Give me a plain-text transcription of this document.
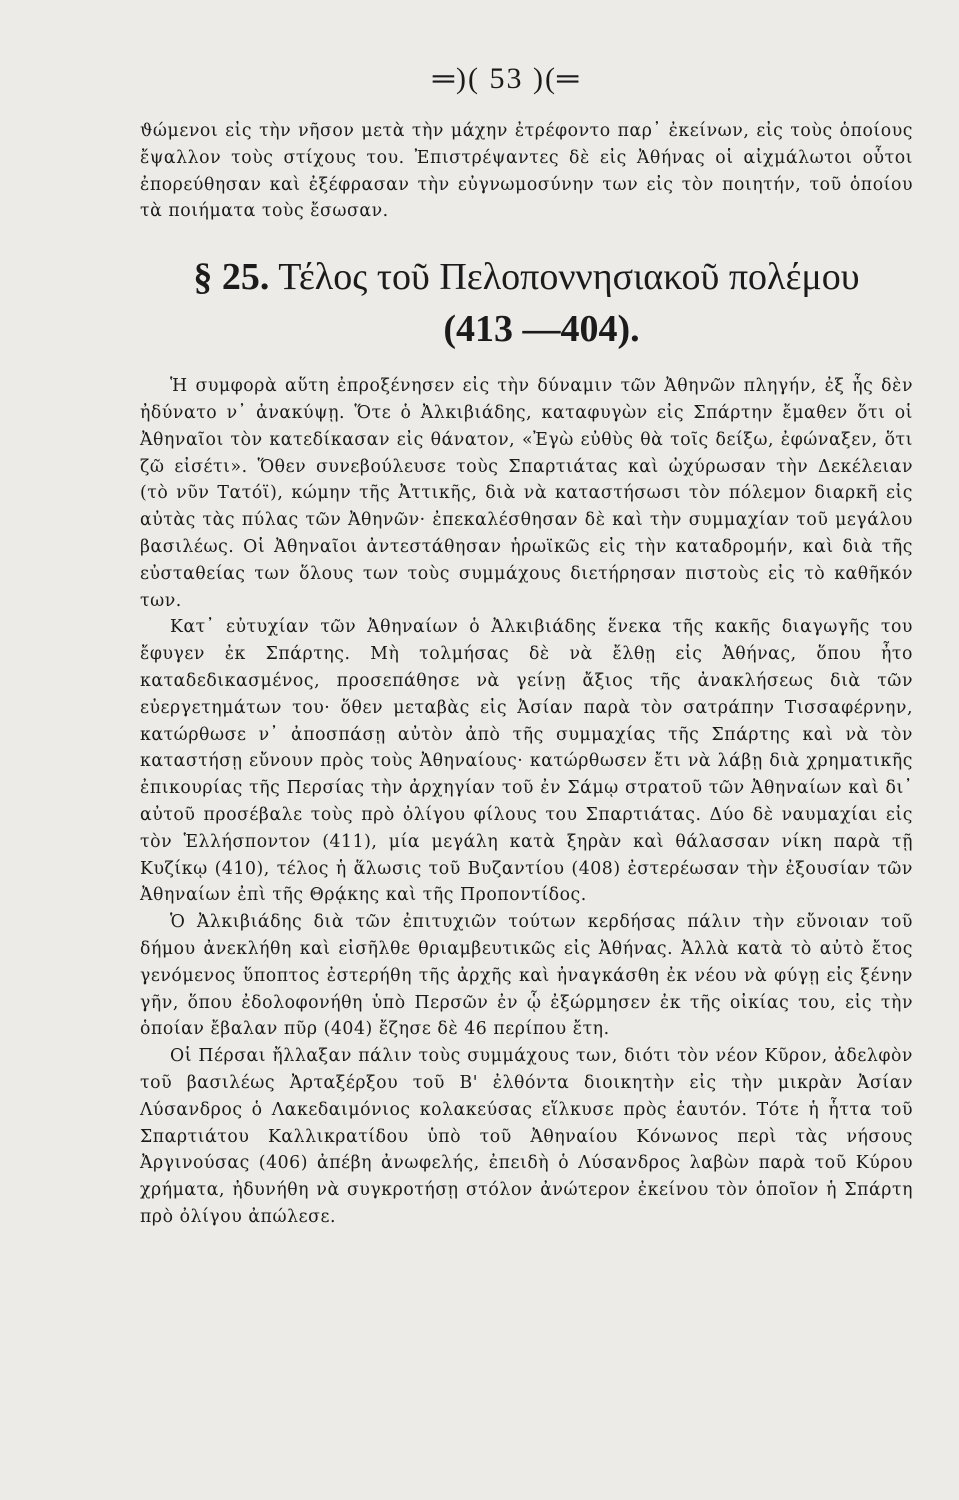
═)( 53 )(═

ϑώμενοι εἰς τὴν νῆσον μετὰ τὴν μάχην ἐτρέφοντο παρ᾽ ἐκείνων, εἰς τοὺς ὁποίους ἔψαλλον τοὺς στίχους του. Ἐπιστρέψαντες δὲ εἰς Ἀθήνας οἱ αἰχμάλωτοι οὗτοι ἐπορεύθησαν καὶ ἐξέφρασαν τὴν εὐγνωμοσύνην των εἰς τὸν ποιητήν, τοῦ ὁποίου τὰ ποιήματα τοὺς ἔσωσαν.

§ 25. Τέλος τοῦ Πελοποννησιακοῦ πολέμου
(413 —404).

Ἡ συμφορὰ αὕτη ἐπροξένησεν εἰς τὴν δύναμιν τῶν Ἀθηνῶν πληγήν, ἐξ ἧς δὲν ἠδύνατο ν᾽ ἀνακύψῃ. Ὅτε ὁ Ἀλκιβιάδης, καταφυγὼν εἰς Σπάρτην ἔμαθεν ὅτι οἱ Ἀθηναῖοι τὸν κατεδίκασαν εἰς θάνατον, «Ἐγὼ εὐθὺς θὰ τοῖς δείξω, ἐφώναξεν, ὅτι ζῶ εἰσέτι». Ὅθεν συνεβούλευσε τοὺς Σπαρτιάτας καὶ ὠχύρωσαν τὴν Δεκέλειαν (τὸ νῦν Τατόϊ), κώμην τῆς Ἀττικῆς, διὰ νὰ καταστήσωσι τὸν πόλεμον διαρκῆ εἰς αὐτὰς τὰς πύλας τῶν Ἀθηνῶν· ἐπεκαλέσθησαν δὲ καὶ τὴν συμμαχίαν τοῦ μεγάλου βασιλέως. Οἱ Ἀθηναῖοι ἀντεστάθησαν ἡρωϊκῶς εἰς τὴν καταδρομήν, καὶ διὰ τῆς εὐσταθείας των ὅλους των τοὺς συμμάχους διετήρησαν πιστοὺς εἰς τὸ καθῆκόν των.

Κατ᾽ εὐτυχίαν τῶν Ἀθηναίων ὁ Ἀλκιβιάδης ἕνεκα τῆς κακῆς διαγωγῆς του ἔφυγεν ἐκ Σπάρτης. Μὴ τολμήσας δὲ νὰ ἔλθῃ εἰς Ἀθήνας, ὅπου ἦτο καταδεδικασμένος, προσεπάθησε νὰ γείνῃ ἄξιος τῆς ἀνακλήσεως διὰ τῶν εὐεργετημάτων του· ὅθεν μεταβὰς εἰς Ἀσίαν παρὰ τὸν σατράπην Τισσαφέρνην, κατώρθωσε ν᾽ ἀποσπάσῃ αὐτὸν ἀπὸ τῆς συμμαχίας τῆς Σπάρτης καὶ νὰ τὸν καταστήσῃ εὔνουν πρὸς τοὺς Ἀθηναίους· κατώρθωσεν ἔτι νὰ λάβῃ διὰ χρηματικῆς ἐπικουρίας τῆς Περσίας τὴν ἀρχηγίαν τοῦ ἐν Σάμῳ στρατοῦ τῶν Ἀθηναίων καὶ δι᾽ αὐτοῦ προσέβαλε τοὺς πρὸ ὀλίγου φίλους του Σπαρτιάτας. Δύο δὲ ναυμαχίαι εἰς τὸν Ἑλλήσποντον (411), μία μεγάλη κατὰ ξηρὰν καὶ θάλασσαν νίκη παρὰ τῇ Κυζίκῳ (410), τέλος ἡ ἅλωσις τοῦ Βυζαντίου (408) ἐστερέωσαν τὴν ἐξουσίαν τῶν Ἀθηναίων ἐπὶ τῆς Θρᾴκης καὶ τῆς Προποντίδος.

Ὁ Ἀλκιβιάδης διὰ τῶν ἐπιτυχιῶν τούτων κερδήσας πάλιν τὴν εὔνοιαν τοῦ δήμου ἀνεκλήθη καὶ εἰσῆλθε θριαμβευτικῶς εἰς Ἀθήνας. Ἀλλὰ κατὰ τὸ αὐτὸ ἔτος γενόμενος ὕποπτος ἐστερήθη τῆς ἀρχῆς καὶ ἠναγκάσθη ἐκ νέου νὰ φύγῃ εἰς ξένην γῆν, ὅπου ἐδολοφονήθη ὑπὸ Περσῶν ἐν ᾧ ἐξώρμησεν ἐκ τῆς οἰκίας του, εἰς τὴν ὁποίαν ἔβαλαν πῦρ (404) ἔζησε δὲ 46 περίπου ἔτη.

Οἱ Πέρσαι ἤλλαξαν πάλιν τοὺς συμμάχους των, διότι τὸν νέον Κῦρον, ἀδελφὸν τοῦ βασιλέως Ἀρταξέρξου τοῦ Β' ἐλθόντα διοικητὴν εἰς τὴν μικρὰν Ἀσίαν Λύσανδρος ὁ Λακεδαιμόνιος κολακεύσας εἵλκυσε πρὸς ἑαυτόν. Τότε ἡ ἧττα τοῦ Σπαρτιάτου Καλλικρατίδου ὑπὸ τοῦ Ἀθηναίου Κόνωνος περὶ τὰς νήσους Ἀργινούσας (406) ἀπέβη ἀνωφελής, ἐπειδὴ ὁ Λύσανδρος λαβὼν παρὰ τοῦ Κύρου χρήματα, ἠδυνήθη νὰ συγκροτήσῃ στόλον ἀνώτερον ἐκείνου τὸν ὁποῖον ἡ Σπάρτη πρὸ ὀλίγου ἀπώλεσε.
